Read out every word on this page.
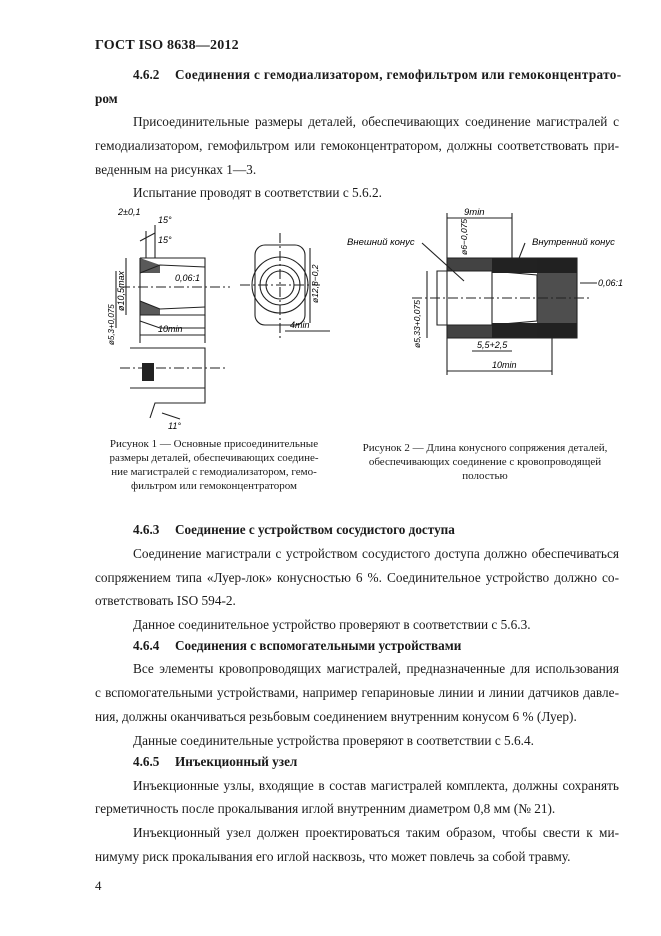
ГОСТ ISO 8638—2012
4.6.2 Соединения с гемодиализатором, гемофильтром или гемоконцентрато-
ром
Присоединительные размеры деталей, обеспечивающих соединение магистралей с
гемодиализатором, гемофильтром или гемоконцентратором, должны соответствовать при-
веденным на рисунках 1—3.
Испытание проводят в соответствии с 5.6.2.
2±0,1
15°
15°
0,06:1
ø10,5max
ø5,3+0,075	10min
ø12,8−0,2
4min
11°
9min
Внешний конус	ø6−0,075	Внутренний конус
0,06:1
ø5,33+0,075	5,5+2,5
10min
Рисунок 1 — Основные присоединительные
размеры деталей, обеспечивающих соедине-
ние магистралей с гемодиализатором, гемо-
фильтром или гемоконцентратором
Рисунок 2 — Длина конусного сопряжения деталей,
обеспечивающих соединение с кровопроводящей
полостью
4.6.3 Соединение с устройством сосудистого доступа
Соединение магистрали с устройством сосудистого доступа должно обеспечиваться
сопряжением типа «Луер-лок» конусностью 6 %. Соединительное устройство должно со-
ответствовать ISO 594-2.
Данное соединительное устройство проверяют в соответствии с 5.6.3.
4.6.4 Соединения с вспомогательными устройствами
Все элементы кровопроводящих магистралей, предназначенные для использования
с вспомогательными устройствами, например гепариновые линии и линии датчиков давле-
ния, должны оканчиваться резьбовым соединением внутренним конусом 6 % (Луер).
Данные соединительные устройства проверяют в соответствии с 5.6.4.
4.6.5 Инъекционный узел
Инъекционные узлы, входящие в состав магистралей комплекта, должны сохранять
герметичность после прокалывания иглой внутренним диаметром 0,8 мм (№ 21).
Инъекционный узел должен проектироваться таким образом, чтобы свести к ми-
нимуму риск прокалывания его иглой насквозь, что может повлечь за собой травму.
4
